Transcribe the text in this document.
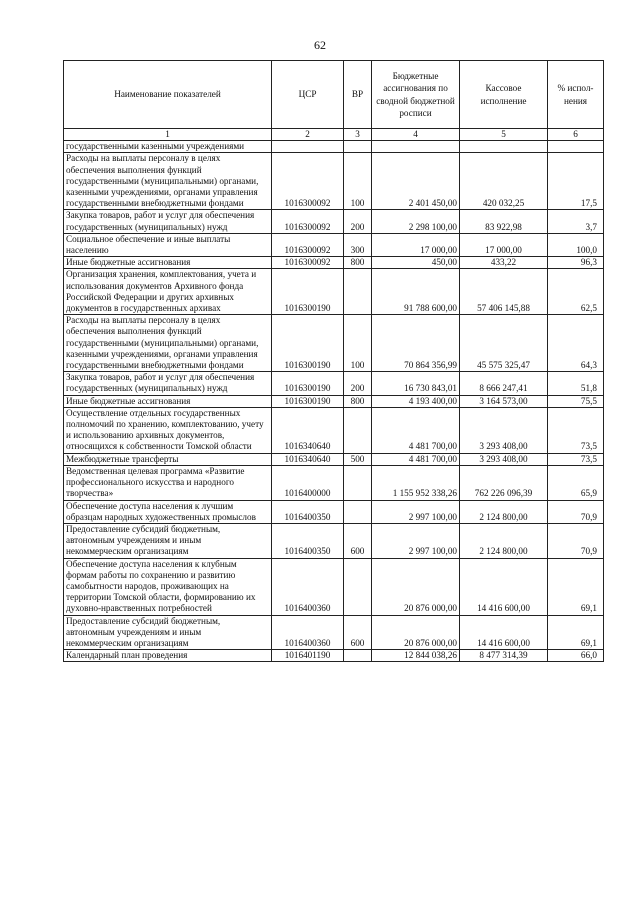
62
Наименование показателей	ЦСР	ВР	Бюджетные ассигнования по сводной бюджетной росписи	Кассовое исполнение	% испол-нения
1	2	3	4	5	6
государственными казенными учреждениями					
Расходы на выплаты персоналу в целях обеспечения выполнения функций государственными (муниципальными) органами, казенными учреждениями, органами управления государственными внебюджетными фондами	1016300092	100	2 401 450,00	420 032,25	17,5
Закупка товаров, работ и услуг для обеспечения государственных (муниципальных) нужд	1016300092	200	2 298 100,00	83 922,98	3,7
Социальное обеспечение и иные выплаты населению	1016300092	300	17 000,00	17 000,00	100,0
Иные бюджетные ассигнования	1016300092	800	450,00	433,22	96,3
Организация хранения, комплектования, учета и использования документов Архивного фонда Российской Федерации и других архивных документов в государственных архивах	1016300190		91 788 600,00	57 406 145,88	62,5
Расходы на выплаты персоналу в целях обеспечения выполнения функций государственными (муниципальными) органами, казенными учреждениями, органами управления государственными внебюджетными фондами	1016300190	100	70 864 356,99	45 575 325,47	64,3
Закупка товаров, работ и услуг для обеспечения государственных (муниципальных) нужд	1016300190	200	16 730 843,01	8 666 247,41	51,8
Иные бюджетные ассигнования	1016300190	800	4 193 400,00	3 164 573,00	75,5
Осуществление отдельных государственных полномочий по хранению, комплектованию, учету и использованию архивных документов, относящихся к собственности Томской области	1016340640		4 481 700,00	3 293 408,00	73,5
Межбюджетные трансферты	1016340640	500	4 481 700,00	3 293 408,00	73,5
Ведомственная целевая программа «Развитие профессионального искусства и народного творчества»	1016400000		1 155 952 338,26	762 226 096,39	65,9
Обеспечение доступа населения к лучшим образцам народных художественных промыслов	1016400350		2 997 100,00	2 124 800,00	70,9
Предоставление субсидий бюджетным, автономным учреждениям и иным некоммерческим организациям	1016400350	600	2 997 100,00	2 124 800,00	70,9
Обеспечение доступа населения к клубным формам работы по сохранению и развитию самобытности народов, проживающих на территории Томской области, формированию их духовно-нравственных потребностей	1016400360		20 876 000,00	14 416 600,00	69,1
Предоставление субсидий бюджетным, автономным учреждениям и иным некоммерческим организациям	1016400360	600	20 876 000,00	14 416 600,00	69,1
Календарный план проведения	1016401190		12 844 038,26	8 477 314,39	66,0
